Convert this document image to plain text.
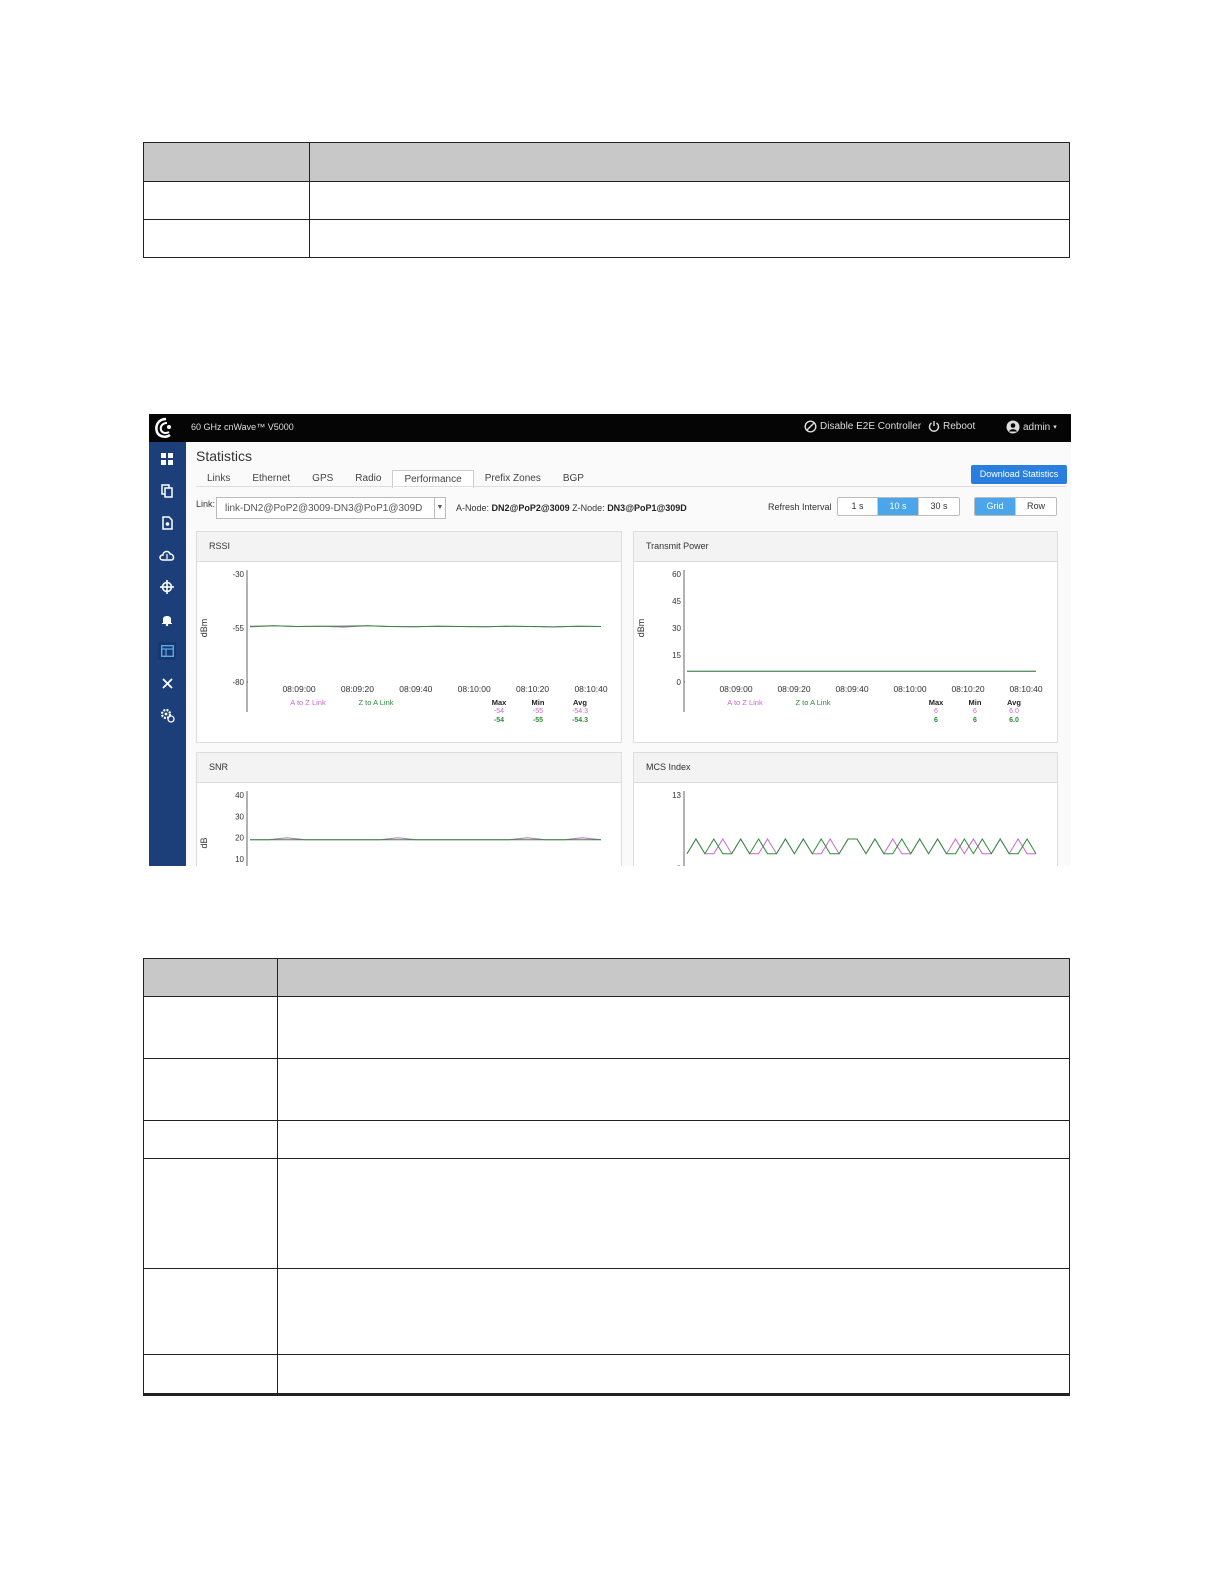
60 GHz cnWave™ V5000	Disable E2E Controller Reboot	admin ▾
Statistics
Links	Ethernet	GPS	Radio	Performance	Prefix Zones	BGP	Download Statistics
Link: link-DN2@PoP2@3009-DN3@PoP1@309D	▼ A-Node: DN2@PoP2@3009 Z-Node: DN3@PoP1@309D	Refresh Interval	1 s	10 s	30 s	Grid	Row
RSSI
-30
-55
-80
dBm
08:09:00	08:09:20	08:09:40	08:10:00	08:10:20	08:10:40
A to Z Link	Z to A Link	Max	Min	Avg
-54	-55	-54.3
-54	-55	-54.3
Transmit Power
60
45
30
15
0
dBm
08:09:00	08:09:20	08:09:40	08:10:00	08:10:20	08:10:40
A to Z Link	Z to A Link	Max	Min	Avg
6	6	6.0
6	6	6.0
SNR
40
30
20
10
dB
MCS Index
13
8
